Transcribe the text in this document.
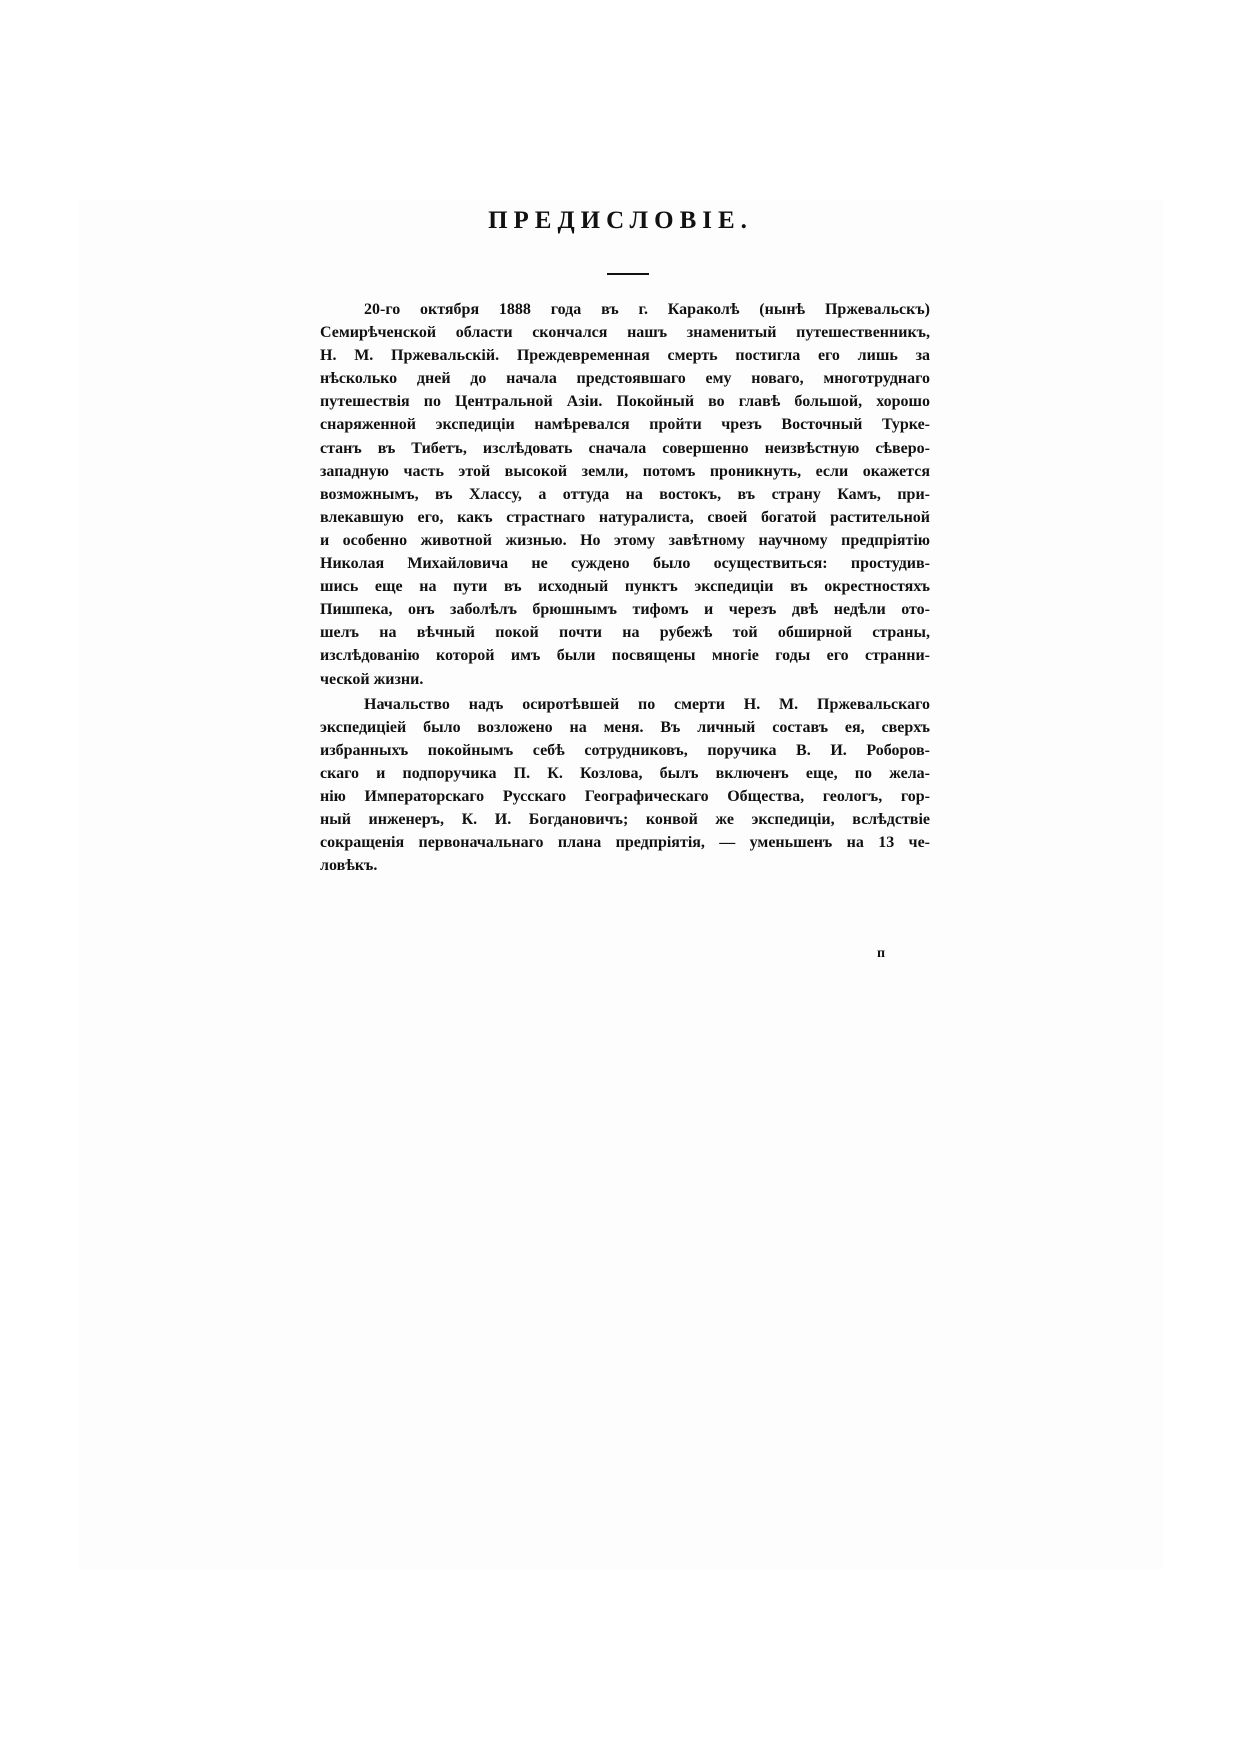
ПРЕДИСЛОВIЕ.
20-го октября 1888 года въ г. Караколѣ (нынѣ Пржевальскъ)
Семирѣченской области скончался нашъ знаменитый путешественникъ,
Н. М. Пржевальскій. Преждевременная смерть постигла его лишь за
нѣсколько дней до начала предстоявшаго ему новаго, многотруднаго
путешествія по Центральной Азіи. Покойный во главѣ большой, хорошо
снаряженной экспедиціи намѣревался пройти чрезъ Восточный Турке-
станъ въ Тибетъ, изслѣдовать сначала совершенно неизвѣстную сѣверо-
западную часть этой высокой земли, потомъ проникнуть, если окажется
возможнымъ, въ Хлассу, а оттуда на востокъ, въ страну Камъ, при-
влекавшую его, какъ страстнаго натуралиста, своей богатой растительной
и особенно животной жизнью. Но этому завѣтному научному предпріятію
Николая Михайловича не суждено было осуществиться: простудив-
шись еще на пути въ исходный пунктъ экспедиціи въ окрестностяхъ
Пишпека, онъ заболѣлъ брюшнымъ тифомъ и черезъ двѣ недѣли ото-
шелъ на вѣчный покой почти на рубежѣ той обширной страны,
изслѣдованію которой имъ были посвящены многіе годы его странни-
ческой жизни.
Начальство надъ осиротѣвшей по смерти Н. М. Пржевальскаго
экспедиціей было возложено на меня. Въ личный составъ ея, сверхъ
избранныхъ покойнымъ себѣ сотрудниковъ, поручика В. И. Роборов-
скаго и подпоручика П. К. Козлова, былъ включенъ еще, по жела-
нію Императорскаго Русскаго Географическаго Общества, геологъ, гор-
ный инженеръ, К. И. Богдановичъ; конвой же экспедиціи, вслѣдствіе
сокращенія первоначальнаго плана предпріятія, — уменьшенъ на 13 че-
ловѣкъ.
п
